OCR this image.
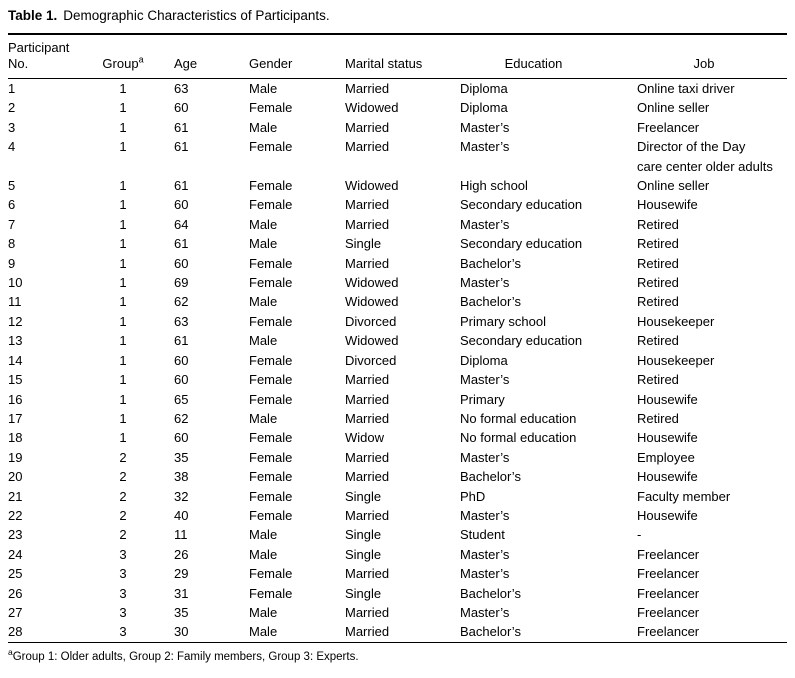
Table 1. Demographic Characteristics of Participants.

Participant
No.	Group$^a$	Age	Gender	Marital status	Education	Job
1	1	63	Male	Married	Diploma	Online taxi driver
2	1	60	Female	Widowed	Diploma	Online seller
3	1	61	Male	Married	Master’s	Freelancer
4	1	61	Female	Married	Master’s	Director of the Day care center older adults
5	1	61	Female	Widowed	High school	Online seller
6	1	60	Female	Married	Secondary education	Housewife
7	1	64	Male	Married	Master’s	Retired
8	1	61	Male	Single	Secondary education	Retired
9	1	60	Female	Married	Bachelor’s	Retired
10	1	69	Female	Widowed	Master’s	Retired
11	1	62	Male	Widowed	Bachelor’s	Retired
12	1	63	Female	Divorced	Primary school	Housekeeper
13	1	61	Male	Widowed	Secondary education	Retired
14	1	60	Female	Divorced	Diploma	Housekeeper
15	1	60	Female	Married	Master’s	Retired
16	1	65	Female	Married	Primary	Housewife
17	1	62	Male	Married	No formal education	Retired
18	1	60	Female	Widow	No formal education	Housewife
19	2	35	Female	Married	Master’s	Employee
20	2	38	Female	Married	Bachelor’s	Housewife
21	2	32	Female	Single	PhD	Faculty member
22	2	40	Female	Married	Master’s	Housewife
23	2	11	Male	Single	Student	-
24	3	26	Male	Single	Master’s	Freelancer
25	3	29	Female	Married	Master’s	Freelancer
26	3	31	Female	Single	Bachelor’s	Freelancer
27	3	35	Male	Married	Master’s	Freelancer
28	3	30	Male	Married	Bachelor’s	Freelancer

$^a$Group 1: Older adults, Group 2: Family members, Group 3: Experts.
